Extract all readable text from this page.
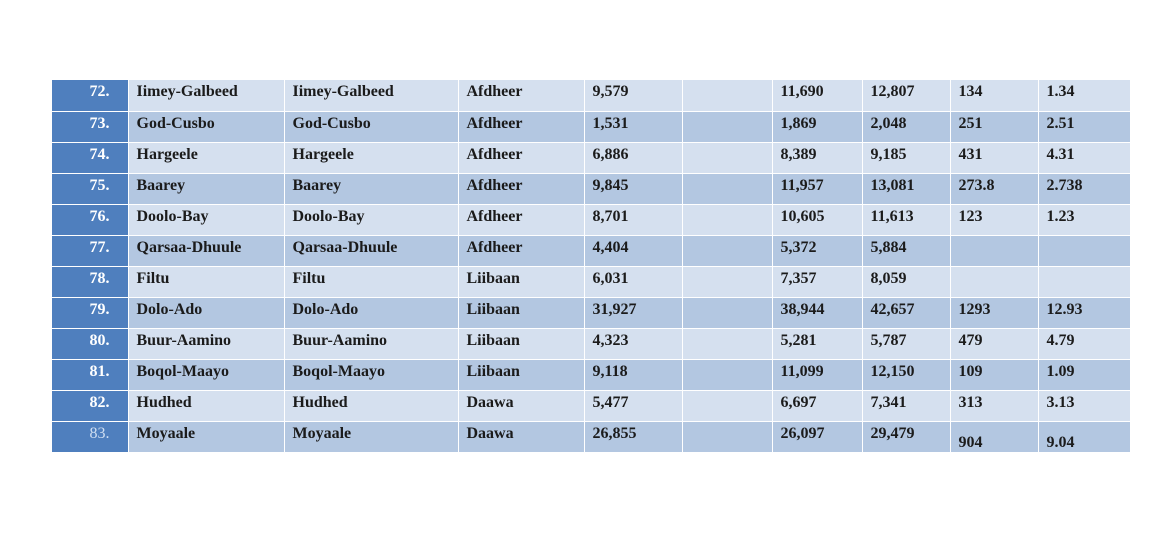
72.	Iimey-Galbeed	Iimey-Galbeed	Afdheer	9,579		11,690	12,807	134	1.34
73.	God-Cusbo	God-Cusbo	Afdheer	1,531		1,869	2,048	251	2.51
74.	Hargeele	Hargeele	Afdheer	6,886		8,389	9,185	431	4.31
75.	Baarey	Baarey	Afdheer	9,845		11,957	13,081	273.8	2.738
76.	Doolo-Bay	Doolo-Bay	Afdheer	8,701		10,605	11,613	123	1.23
77.	Qarsaa-Dhuule	Qarsaa-Dhuule	Afdheer	4,404		5,372	5,884		
78.	Filtu	Filtu	Liibaan	6,031		7,357	8,059		
79.	Dolo-Ado	Dolo-Ado	Liibaan	31,927		38,944	42,657	1293	12.93
80.	Buur-Aamino	Buur-Aamino	Liibaan	4,323		5,281	5,787	479	4.79
81.	Boqol-Maayo	Boqol-Maayo	Liibaan	9,118		11,099	12,150	109	1.09
82.	Hudhed	Hudhed	Daawa	5,477		6,697	7,341	313	3.13
83.	Moyaale	Moyaale	Daawa	26,855		26,097	29,479	904	9.04
